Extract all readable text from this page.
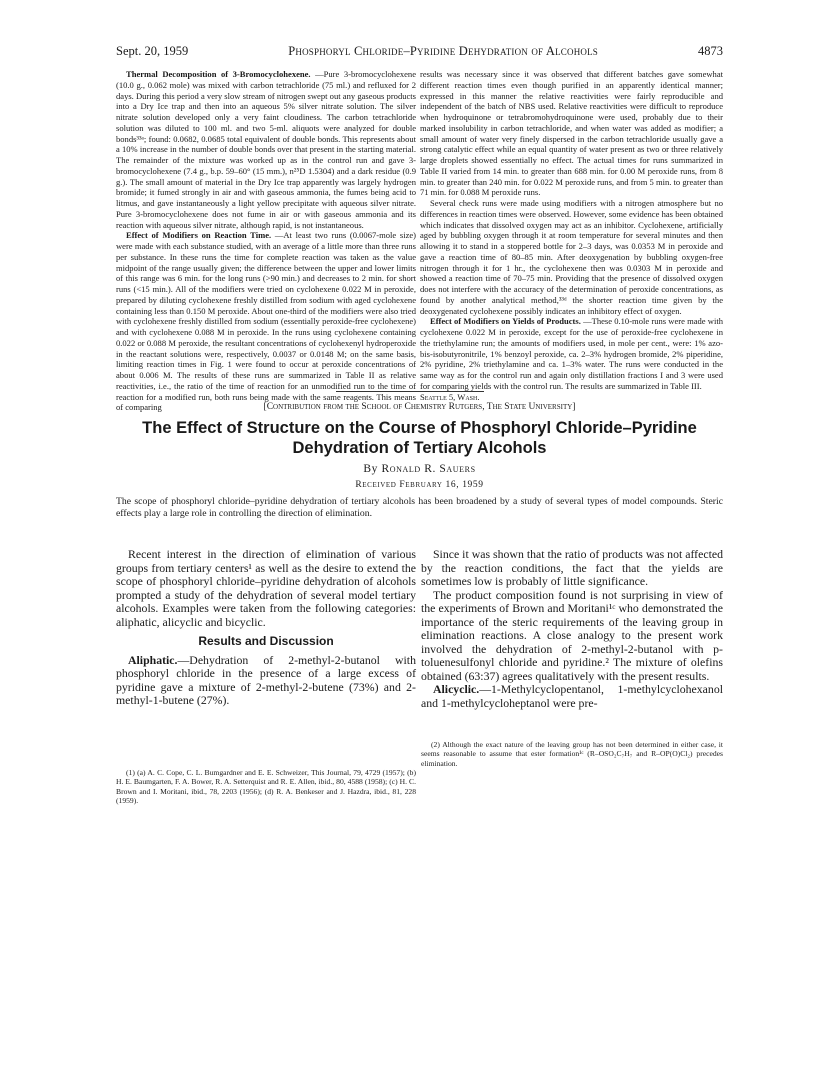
Sept. 20, 1959	Phosphoryl Chloride–Pyridine Dehydration of Alcohols	4873

Thermal Decomposition of 3-Bromocyclohexene. —Pure 3-bromocyclohexene (10.0 g., 0.062 mole) was mixed with carbon tetrachloride (75 ml.) and refluxed for 2 days. During this period a very slow stream of nitrogen swept out any gaseous products into a Dry Ice trap and then into an aqueous 5% silver nitrate solution. The silver nitrate solution developed only a very faint cloudiness. The carbon tetrachloride solution was diluted to 100 ml. and two 5-ml. aliquots were analyzed for double bonds³³ᵃ; found: 0.0682, 0.0685 total equivalent of double bonds. This represents about a 10% increase in the number of double bonds over that present in the starting material. The remainder of the mixture was worked up as in the control run and gave 3-bromocyclohexene (7.4 g., b.p. 59–60° (15 mm.), n²⁵D 1.5304) and a dark residue (0.9 g.). The small amount of material in the Dry Ice trap apparently was largely hydrogen bromide; it fumed strongly in air and with gaseous ammonia, the fumes being acid to litmus, and gave instantaneously a light yellow precipitate with aqueous silver nitrate. Pure 3-bromocyclohexene does not fume in air or with gaseous ammonia and its reaction with aqueous silver nitrate, although rapid, is not instantaneous.

Effect of Modifiers on Reaction Time. —At least two runs (0.0067-mole size) were made with each substance studied, with an average of a little more than three runs per substance. In these runs the time for complete reaction was taken as the value midpoint of the range usually given; the difference between the upper and lower limits of this range was 6 min. for the long runs (>90 min.) and decreases to 2 min. for short runs (<15 min.). All of the modifiers were tried on cyclohexene 0.022 M in peroxide, prepared by diluting cyclohexene freshly distilled from sodium with aged cyclohexene containing less than 0.150 M peroxide. About one-third of the modifiers were also tried with cyclohexene freshly distilled from sodium (essentially peroxide-free cyclohexene) and with cyclohexene 0.088 M in peroxide. In the runs using cyclohexene containing 0.022 or 0.088 M peroxide, the resultant concentrations of cyclohexenyl hydroperoxide in the reactant solutions were, respectively, 0.0037 or 0.0148 M; on the same basis, limiting reaction times in Fig. 1 were found to occur at peroxide concentrations of about 0.006 M. The results of these runs are summarized in Table II as relative reactivities, i.e., the ratio of the time of reaction for an unmodified run to the time of reaction for a modified run, both runs being made with the same reagents. This means of comparing

results was necessary since it was observed that different batches gave somewhat different reaction times even though purified in an apparently identical manner; expressed in this manner the relative reactivities were fairly reproducible and independent of the batch of NBS used. Relative reactivities were difficult to reproduce when hydroquinone or tetrabromohydroquinone were used, probably due to their marked insolubility in carbon tetrachloride, and when water was added as modifier; a small amount of water very finely dispersed in the carbon tetrachloride usually gave a strong catalytic effect while an equal quantity of water present as two or three relatively large droplets showed essentially no effect. The actual times for runs summarized in Table II varied from 14 min. to greater than 688 min. for 0.00 M peroxide runs, from 8 min. to greater than 240 min. for 0.022 M peroxide runs, and from 5 min. to greater than 71 min. for 0.088 M peroxide runs.

Several check runs were made using modifiers with a nitrogen atmosphere but no differences in reaction times were observed. However, some evidence has been obtained which indicates that dissolved oxygen may act as an inhibitor. Cyclohexene, artificially aged by bubbling oxygen through it at room temperature for several minutes and then allowing it to stand in a stoppered bottle for 2–3 days, was 0.0353 M in peroxide and gave a reaction time of 80–85 min. After deoxygenation by bubbling oxygen-free nitrogen through it for 1 hr., the cyclohexene then was 0.0303 M in peroxide and showed a reaction time of 70–75 min. Providing that the presence of dissolved oxygen does not interfere with the accuracy of the determination of peroxide concentrations, as found by another analytical method,³³ᵈ the shorter reaction time given by the deoxygenated cyclohexene possibly indicates an inhibitory effect of oxygen.

Effect of Modifiers on Yields of Products. —These 0.10-mole runs were made with cyclohexene 0.022 M in peroxide, except for the use of peroxide-free cyclohexene in the triethylamine run; the amounts of modifiers used, in mole per cent., were: 1% azo-bis-isobutyronitrile, 1% benzoyl peroxide, ca. 2–3% hydrogen bromide, 2% piperidine, 2% pyridine, 2% triethylamine and ca. 1–3% water. The runs were conducted in the same way as for the control run and again only distillation fractions I and 3 were used for comparing yields with the control run. The results are summarized in Table III.

Seattle 5, Wash.

[Contribution from the School of Chemistry Rutgers, The State University]
The Effect of Structure on the Course of Phosphoryl Chloride–Pyridine Dehydration of Tertiary Alcohols
By Ronald R. Sauers
Received February 16, 1959
The scope of phosphoryl chloride–pyridine dehydration of tertiary alcohols has been broadened by a study of several types of model compounds. Steric effects play a large role in controlling the direction of elimination.

Recent interest in the direction of elimination of various groups from tertiary centers¹ as well as the desire to extend the scope of phosphoryl chloride–pyridine dehydration of alcohols prompted a study of the dehydration of several model tertiary alcohols. Examples were taken from the following categories: aliphatic, alicyclic and bicyclic.

Results and Discussion

Aliphatic.—Dehydration of 2-methyl-2-butanol with phosphoryl chloride in the presence of a large excess of pyridine gave a mixture of 2-methyl-2-butene (73%) and 2-methyl-1-butene (27%).

(1) (a) A. C. Cope, C. L. Bumgardner and E. E. Schweizer, This Journal, 79, 4729 (1957); (b) H. E. Baumgarten, F. A. Bower, R. A. Setterquist and R. E. Allen, ibid., 80, 4588 (1958); (c) H. C. Brown and I. Moritani, ibid., 78, 2203 (1956); (d) R. A. Benkeser and J. Hazdra, ibid., 81, 228 (1959).

Since it was shown that the ratio of products was not affected by the reaction conditions, the fact that the yields are sometimes low is probably of little significance.

The product composition found is not surprising in view of the experiments of Brown and Moritani¹ᶜ who demonstrated the importance of the steric requirements of the leaving group in elimination reactions. A close analogy to the present work involved the dehydration of 2-methyl-2-butanol with p-toluenesulfonyl chloride and pyridine.² The mixture of olefins obtained (63:37) agrees qualitatively with the present results.

Alicyclic.—1-Methylcyclopentanol, 1-methylcyclohexanol and 1-methylcycloheptanol were pre-

(2) Although the exact nature of the leaving group has not been determined in either case, it seems reasonable to assume that ester formation¹ᶜ (R–OSO₂C₇H₇ and R–OP(O)Cl₂) precedes elimination.
